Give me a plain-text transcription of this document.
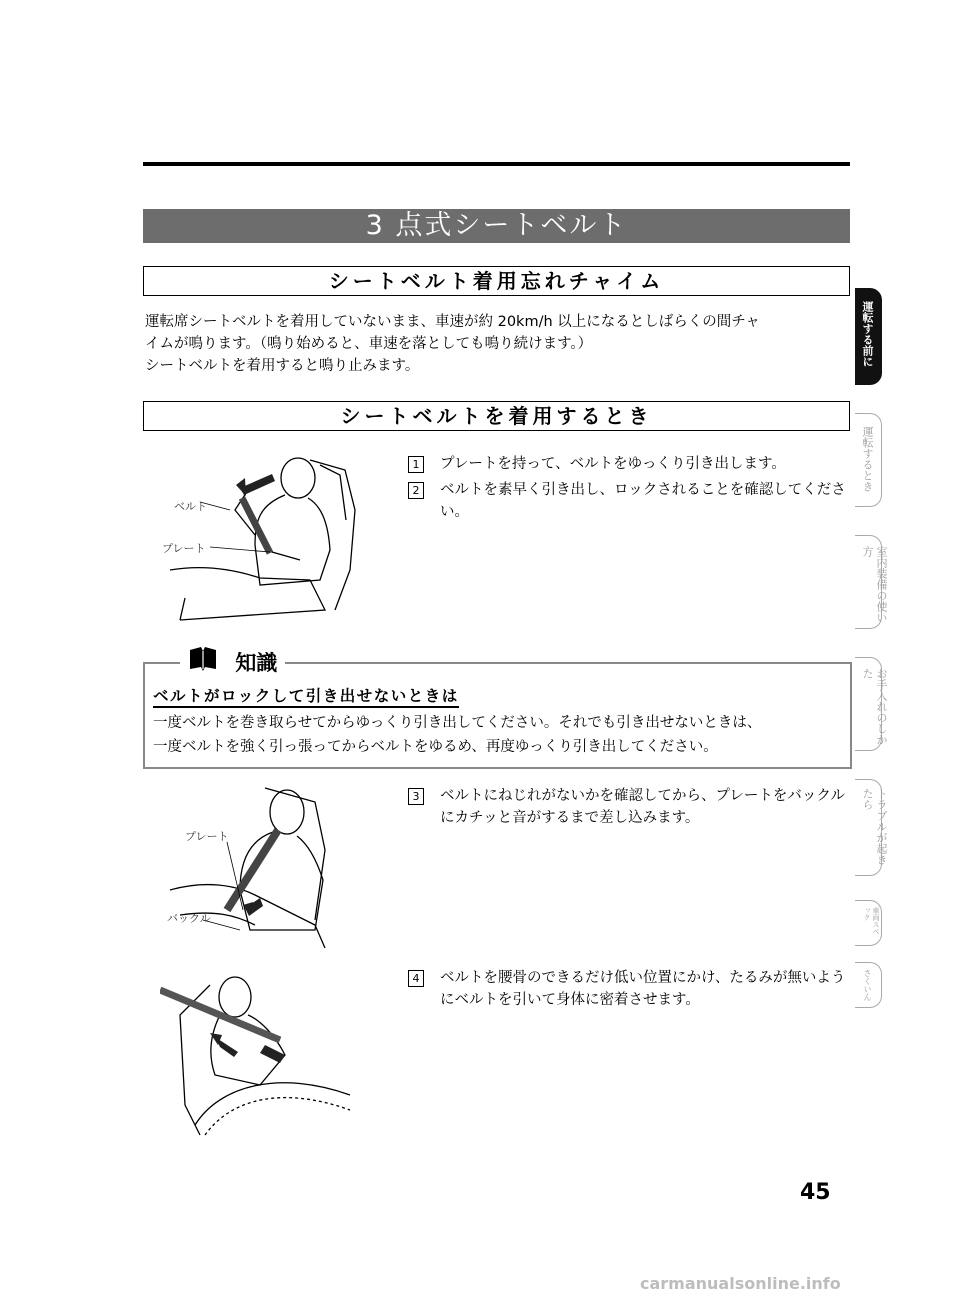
3 点式シートベルト
シートベルト着用忘れチャイム
運転席シートベルトを着用していないまま、車速が約 20km/h 以上になるとしばらくの間チャ
イムが鳴ります。（鳴り始めると、車速を落としても鳴り続けます。）
シートベルトを着用すると鳴り止みます。
シートベルトを着用するとき
ベルト
プレート
1	プレートを持って、ベルトをゆっくり引き出します。
2	ベルトを素早く引き出し、ロックされることを確認してください。
知識
ベルトがロックして引き出せないときは
一度ベルトを巻き取らせてからゆっくり引き出してください。それでも引き出せないときは、
一度ベルトを強く引っ張ってからベルトをゆるめ、再度ゆっくり引き出してください。
プレート
バックル
3	ベルトにねじれがないかを確認してから、プレートをバックルにカチッと音がするまで差し込みます。
4	ベルトを腰骨のできるだけ低い位置にかけ、たるみが無いようにベルトを引いて身体に密着させます。
運転する前に
運転するとき
室内装備の使い方
お手入れのしかた
トラブルが起きたら
車両スペック
さくいん
45
carmanualsonline.info
